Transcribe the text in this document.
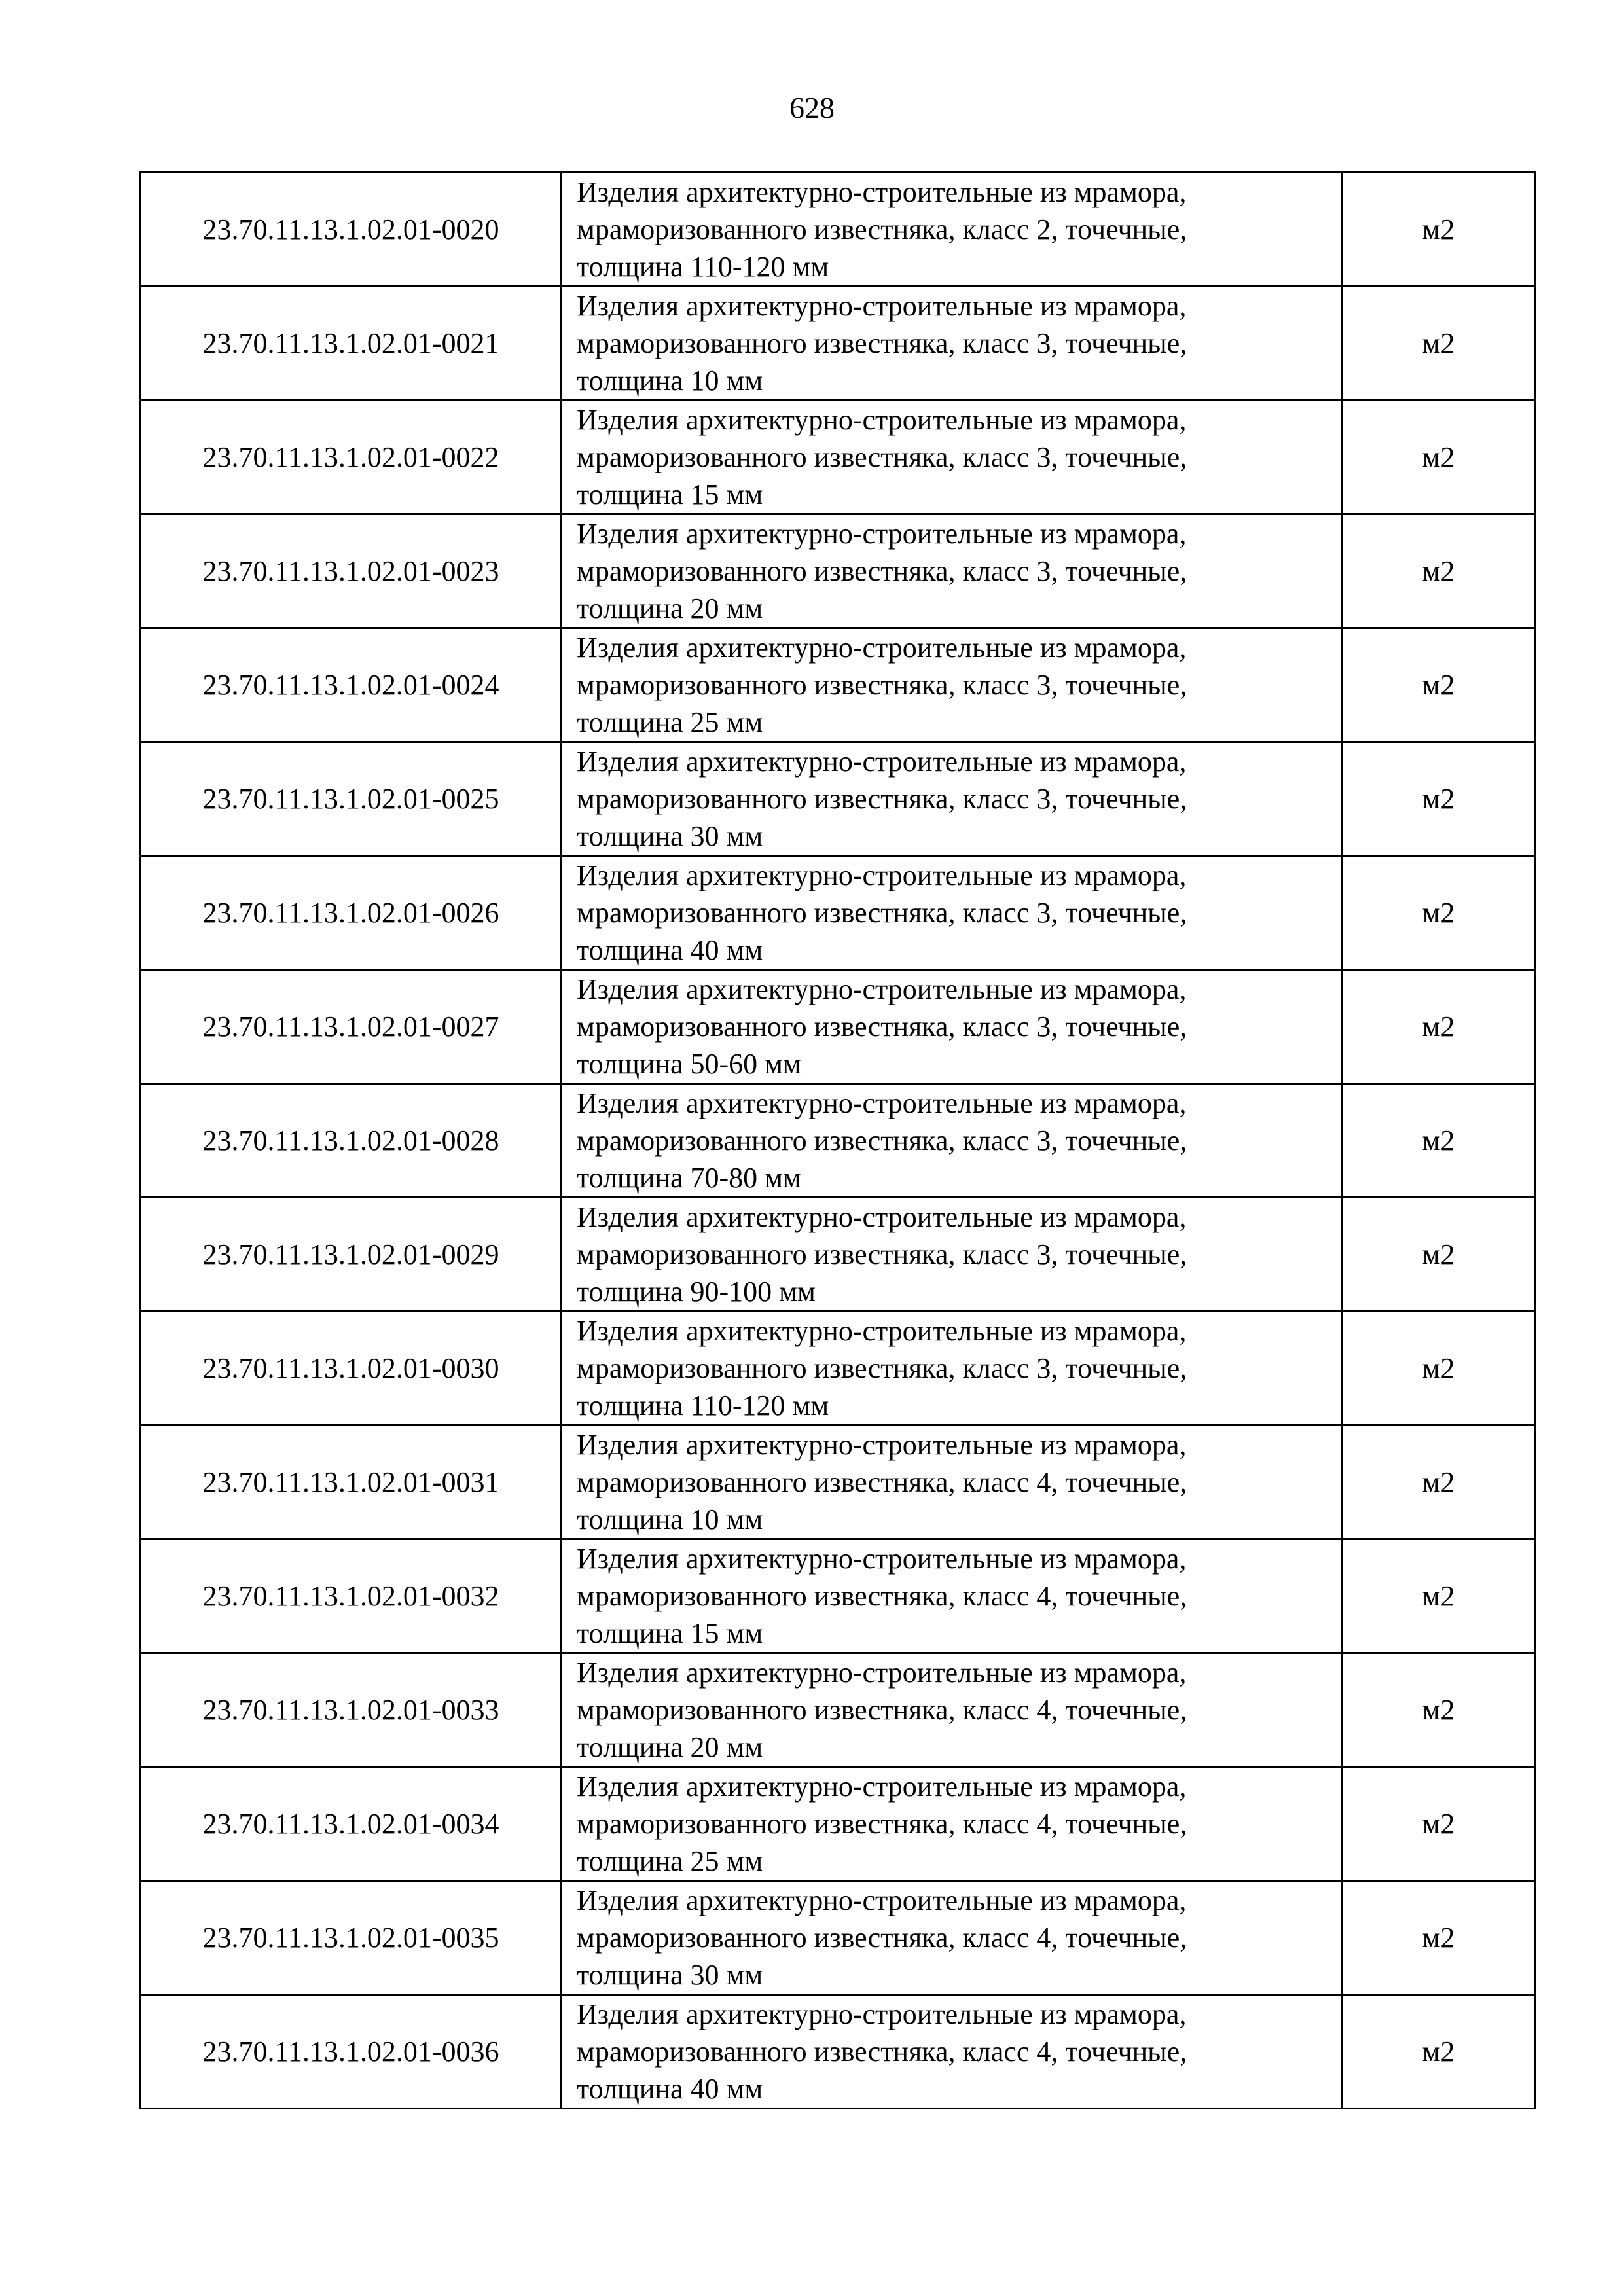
628
23.70.11.13.1.02.01-0020	Изделия архитектурно-строительные из мрамора,
мраморизованного известняка, класс 2, точечные,
толщина 110-120 мм	м2
23.70.11.13.1.02.01-0021	Изделия архитектурно-строительные из мрамора,
мраморизованного известняка, класс 3, точечные,
толщина 10 мм	м2
23.70.11.13.1.02.01-0022	Изделия архитектурно-строительные из мрамора,
мраморизованного известняка, класс 3, точечные,
толщина 15 мм	м2
23.70.11.13.1.02.01-0023	Изделия архитектурно-строительные из мрамора,
мраморизованного известняка, класс 3, точечные,
толщина 20 мм	м2
23.70.11.13.1.02.01-0024	Изделия архитектурно-строительные из мрамора,
мраморизованного известняка, класс 3, точечные,
толщина 25 мм	м2
23.70.11.13.1.02.01-0025	Изделия архитектурно-строительные из мрамора,
мраморизованного известняка, класс 3, точечные,
толщина 30 мм	м2
23.70.11.13.1.02.01-0026	Изделия архитектурно-строительные из мрамора,
мраморизованного известняка, класс 3, точечные,
толщина 40 мм	м2
23.70.11.13.1.02.01-0027	Изделия архитектурно-строительные из мрамора,
мраморизованного известняка, класс 3, точечные,
толщина 50-60 мм	м2
23.70.11.13.1.02.01-0028	Изделия архитектурно-строительные из мрамора,
мраморизованного известняка, класс 3, точечные,
толщина 70-80 мм	м2
23.70.11.13.1.02.01-0029	Изделия архитектурно-строительные из мрамора,
мраморизованного известняка, класс 3, точечные,
толщина 90-100 мм	м2
23.70.11.13.1.02.01-0030	Изделия архитектурно-строительные из мрамора,
мраморизованного известняка, класс 3, точечные,
толщина 110-120 мм	м2
23.70.11.13.1.02.01-0031	Изделия архитектурно-строительные из мрамора,
мраморизованного известняка, класс 4, точечные,
толщина 10 мм	м2
23.70.11.13.1.02.01-0032	Изделия архитектурно-строительные из мрамора,
мраморизованного известняка, класс 4, точечные,
толщина 15 мм	м2
23.70.11.13.1.02.01-0033	Изделия архитектурно-строительные из мрамора,
мраморизованного известняка, класс 4, точечные,
толщина 20 мм	м2
23.70.11.13.1.02.01-0034	Изделия архитектурно-строительные из мрамора,
мраморизованного известняка, класс 4, точечные,
толщина 25 мм	м2
23.70.11.13.1.02.01-0035	Изделия архитектурно-строительные из мрамора,
мраморизованного известняка, класс 4, точечные,
толщина 30 мм	м2
23.70.11.13.1.02.01-0036	Изделия архитектурно-строительные из мрамора,
мраморизованного известняка, класс 4, точечные,
толщина 40 мм	м2
